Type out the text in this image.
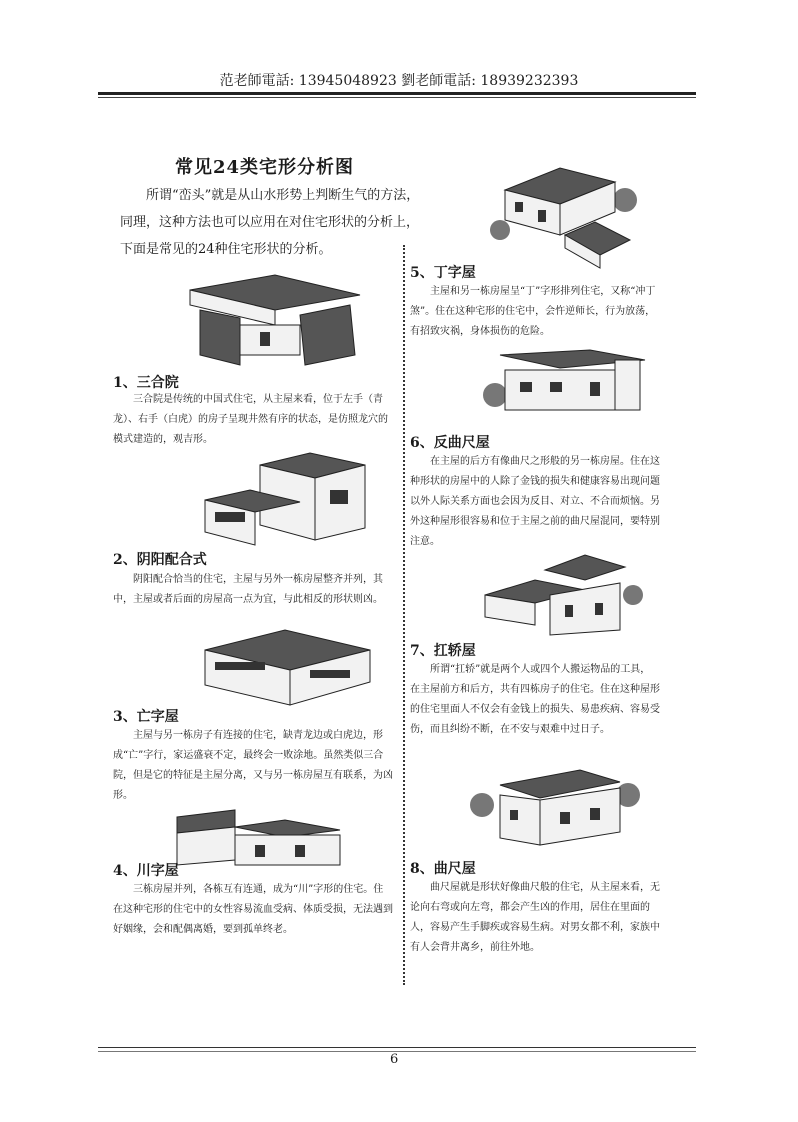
范老師電話: 13945048923 劉老師電話: 18939232393
常见24类宅形分析图
所谓“峦头”就是从山水形势上判断生气的方法，同理，这种方法也可以应用在对住宅形状的分析上，下面是常见的24种住宅形状的分析。
1、三合院
三合院是传统的中国式住宅，从主屋来看，位于左手（青龙）、右手（白虎）的房子呈现井然有序的状态，是仿照龙穴的模式建造的，观吉形。
2、阴阳配合式
阴阳配合恰当的住宅，主屋与另外一栋房屋整齐并列，其中，主屋或者后面的房屋高一点为宜，与此相反的形状则凶。
3、亡字屋
主屋与另一栋房子有连接的住宅，缺青龙边或白虎边，形成“亡”字行，家运盛衰不定，最终会一败涂地。虽然类似三合院，但是它的特征是主屋分离，又与另一栋房屋互有联系，为凶形。
4、川字屋
三栋房屋并列，各栋互有连通，成为“川”字形的住宅。住在这种宅形的住宅中的女性容易流血受病、体质受损，无法遇到好姻缘，会和配偶离婚，要到孤单终老。
5、丁字屋
主屋和另一栋房屋呈“丁”字形排列住宅，又称“冲丁煞”。住在这种宅形的住宅中，会忤逆师长，行为放荡，有招致灾祸，身体损伤的危险。
6、反曲尺屋
在主屋的后方有像曲尺之形般的另一栋房屋。住在这种形状的房屋中的人除了金钱的损失和健康容易出现问题以外人际关系方面也会因为反目、对立、不合而烦恼。另外这种屋形很容易和位于主屋之前的曲尺屋混同，要特别注意。
7、扛轿屋
所谓“扛轿”就是两个人或四个人搬运物品的工具，在主屋前方和后方，共有四栋房子的住宅。住在这种屋形的住宅里面人不仅会有金钱上的损失、易患疾病、容易受伤，而且纠纷不断，在不安与艰难中过日子。
8、曲尺屋
曲尺屋就是形状好像曲尺般的住宅，从主屋来看，无论向右弯或向左弯，都会产生凶的作用，居住在里面的人，容易产生手脚疾或容易生病。对男女都不利，家族中有人会背井离乡，前往外地。
6
